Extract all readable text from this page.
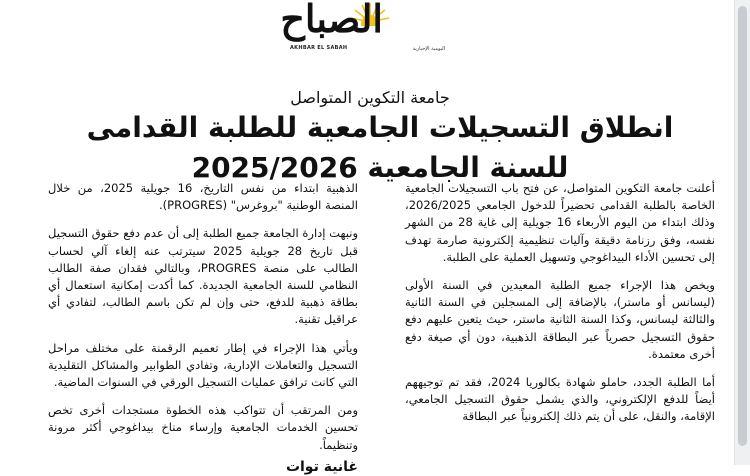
الصباح
AKHBAR EL SABAH	اليومية الإخبارية
جامعة التكوين المتواصل
انطلاق التسجيلات الجامعية للطلبة القدامى للسنة الجامعية 2025/2026

أعلنت جامعة التكوين المتواصل، عن فتح باب التسجيلات الجامعية الخاصة بالطلبة القدامى تحضيراً للدخول الجامعي 2026/2025، وذلك ابتداء من اليوم الأربعاء 16 جويلية إلى غاية 28 من الشهر نفسه، وفق رزنامة دقيقة وآليات تنظيمية إلكترونية صارمة تهدف إلى تحسين الأداء البيداغوجي وتسهيل العملية على الطلبة.

ويخص هذا الإجراء جميع الطلبة المعيدين في السنة الأولى (ليسانس أو ماستر)، بالإضافة إلى المسجلين في السنة الثانية والثالثة ليسانس، وكذا السنة الثانية ماستر، حيث يتعين عليهم دفع حقوق التسجيل حصرياً عبر البطاقة الذهبية، دون أي صيغة دفع أخرى معتمدة.

أما الطلبة الجدد، حاملو شهادة بكالوريا 2024، فقد تم توجيههم أيضاً للدفع الإلكتروني، والذي يشمل حقوق التسجيل الجامعي، الإقامة، والنقل، على أن يتم ذلك إلكترونياً عبر البطاقة

الذهبية ابتداء من نفس التاريخ، 16 جويلية 2025، من خلال المنصة الوطنية "بروغرس" (PROGRES).

ونبهت إدارة الجامعة جميع الطلبة إلى أن عدم دفع حقوق التسجيل قبل تاريخ 28 جويلية 2025 سيترتب عنه إلغاء آلي لحساب الطالب على منصة PROGRES، وبالتالي فقدان صفة الطالب النظامي للسنة الجامعية الجديدة. كما أكدت إمكانية استعمال أي بطاقة ذهبية للدفع، حتى وإن لم تكن باسم الطالب، لتفادي أي عراقيل تقنية.

ويأتي هذا الإجراء في إطار تعميم الرقمنة على مختلف مراحل التسجيل والتعاملات الإدارية، وتفادي الطوابير والمشاكل التقليدية التي كانت ترافق عمليات التسجيل الورقي في السنوات الماضية.

ومن المرتقب أن تتواكب هذه الخطوة مستجدات أخرى تخص تحسين الخدمات الجامعية وإرساء مناخ بيداغوجي أكثر مرونة وتنظيماً.

غانية توات
